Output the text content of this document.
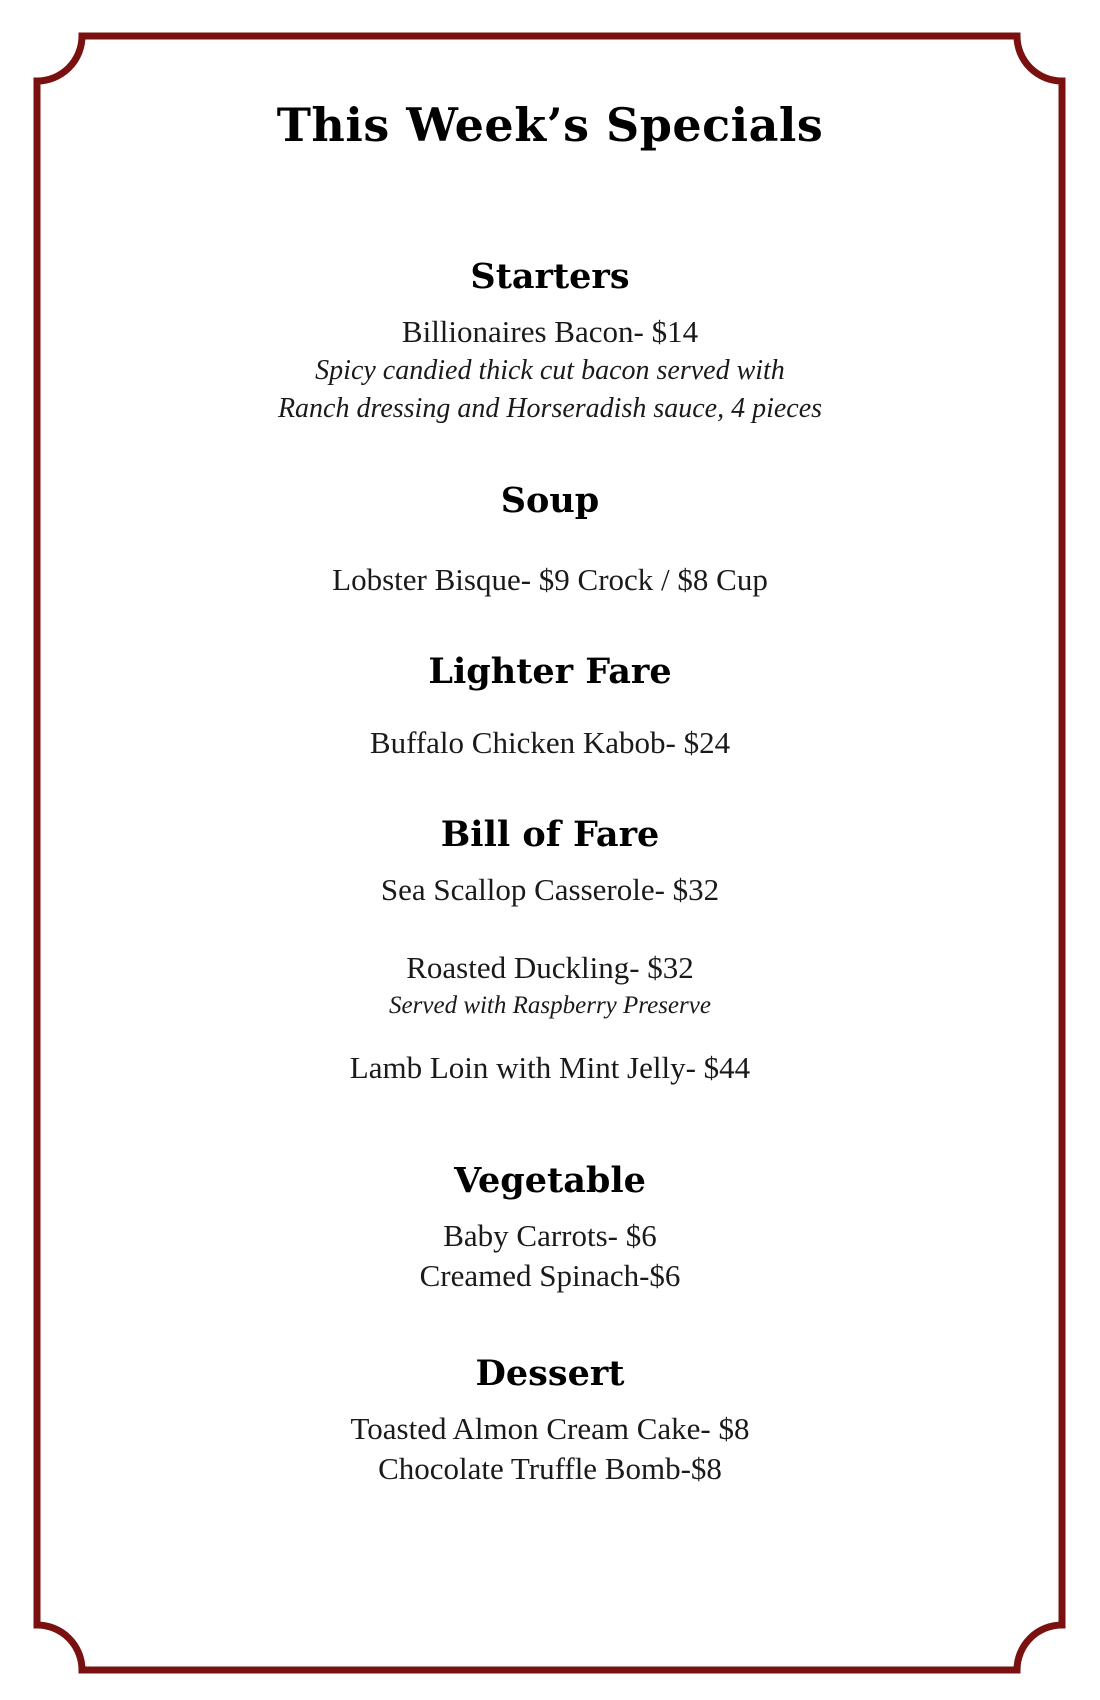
This Week’s Specials

Starters

Billionaires Bacon- $14

Spicy candied thick cut bacon served with

Ranch dressing and Horseradish sauce, 4 pieces

Soup

Lobster Bisque- $9 Crock / $8 Cup

Lighter Fare

Buffalo Chicken Kabob- $24

Bill of Fare

Sea Scallop Casserole- $32

Roasted Duckling- $32

Served with Raspberry Preserve

Lamb Loin with Mint Jelly- $44

Vegetable

Baby Carrots- $6

Creamed Spinach-$6

Dessert

Toasted Almon Cream Cake- $8

Chocolate Truffle Bomb-$8
